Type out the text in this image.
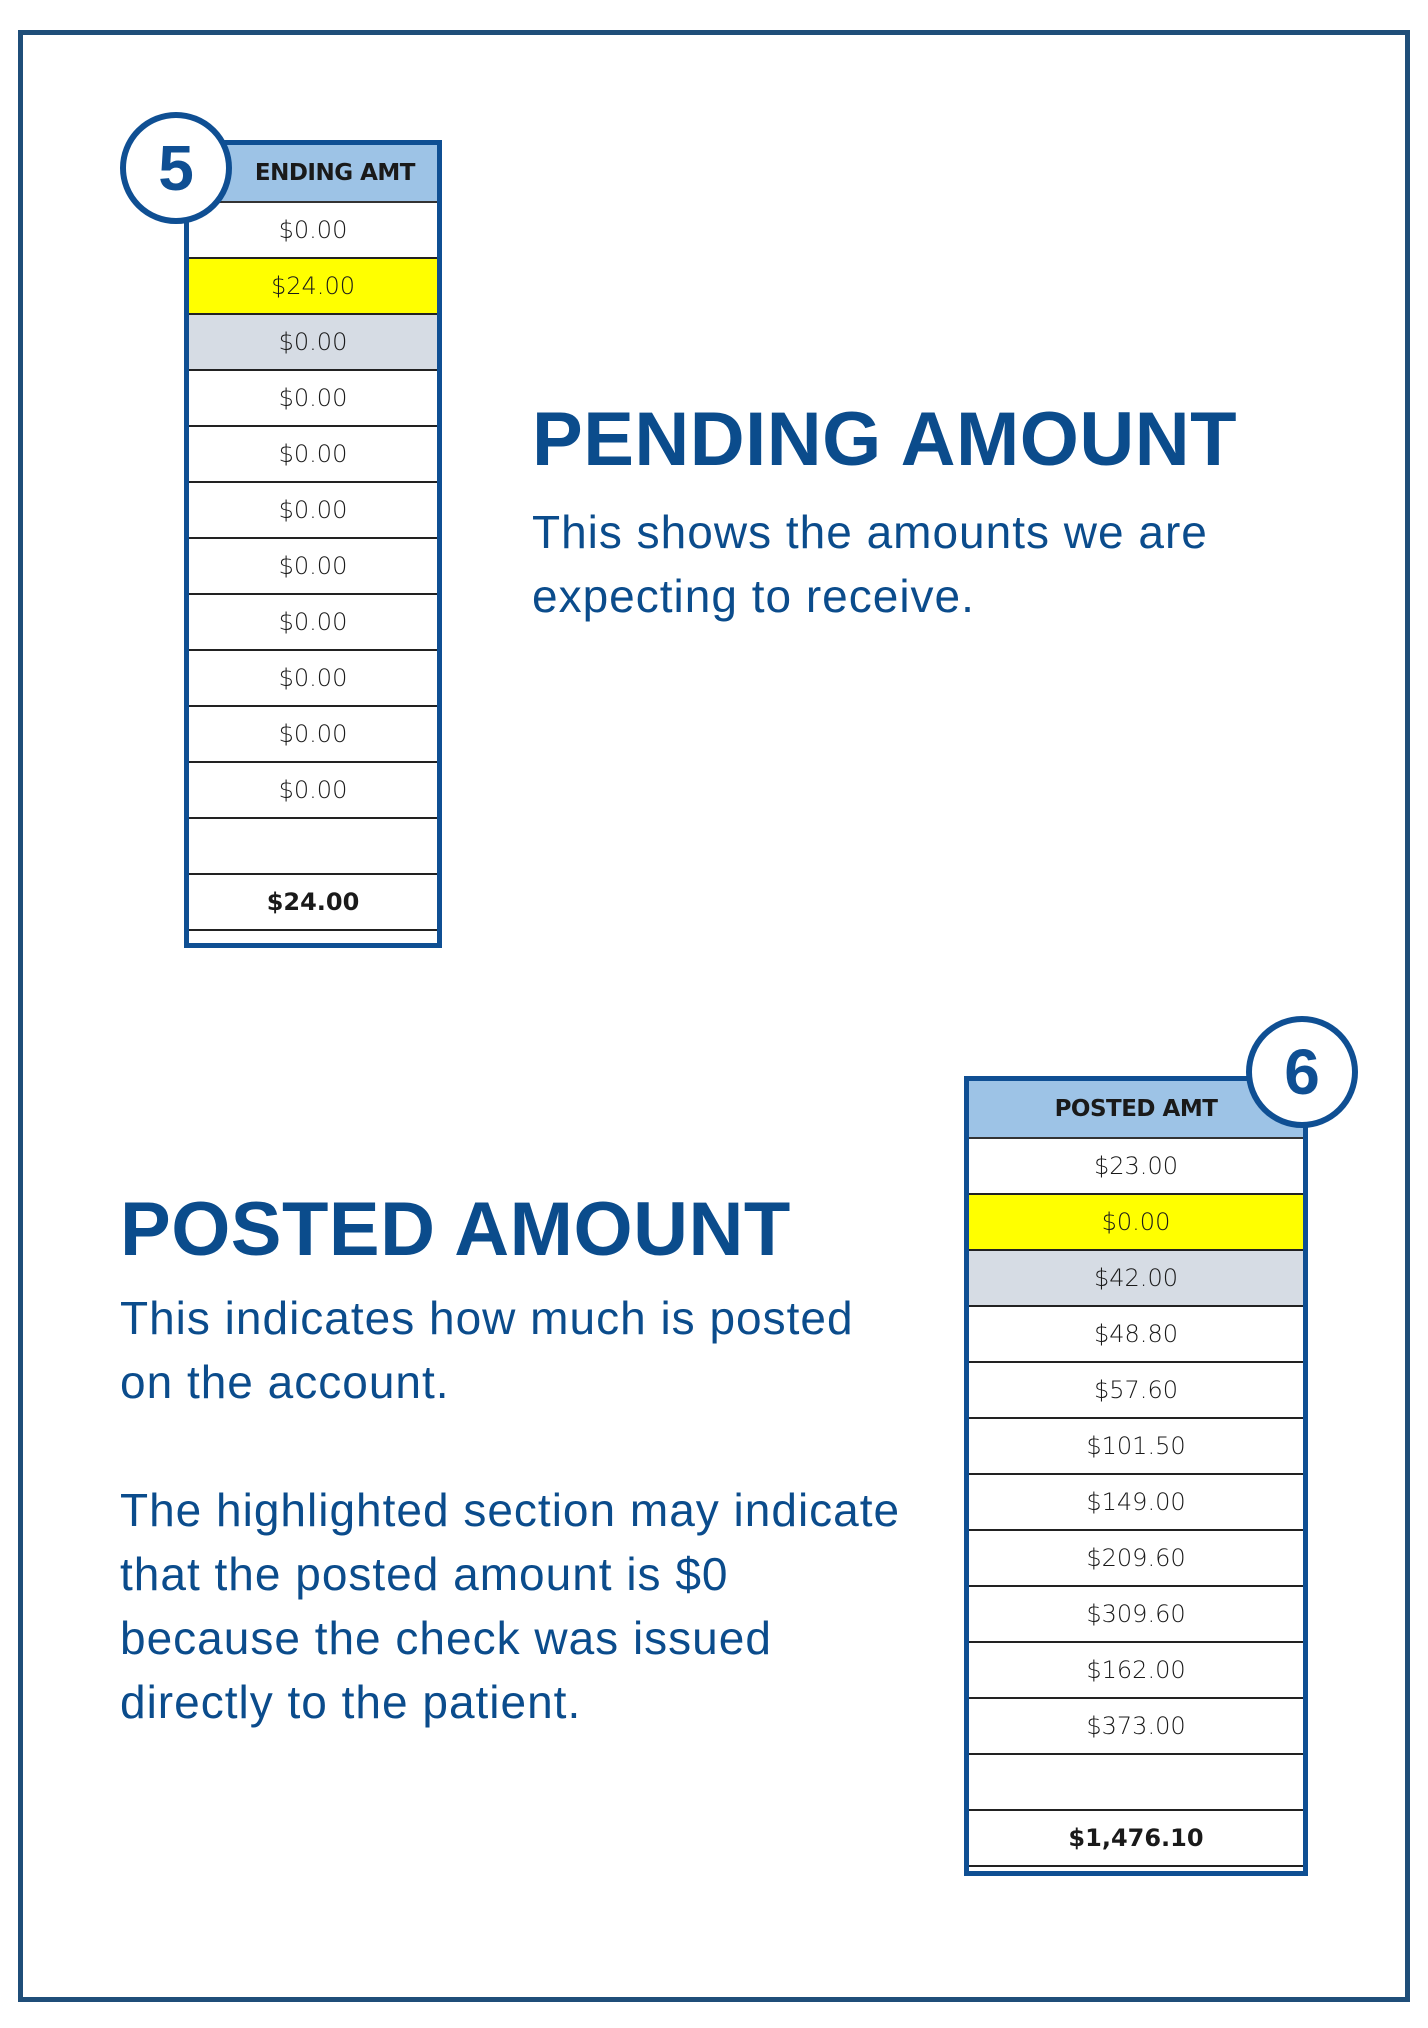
ENDING AMT
$0.00
$24.00
$0.00
$0.00
$0.00
$0.00
$0.00
$0.00
$0.00
$0.00
$0.00
$24.00
5
PENDING AMOUNT
This shows the amounts we are expecting to receive.
POSTED AMT
$23.00
$0.00
$42.00
$48.80
$57.60
$101.50
$149.00
$209.60
$309.60
$162.00
$373.00
$1,476.10
6
POSTED AMOUNT
This indicates how much is posted on the account.
The highlighted section may indicate that the posted amount is $0 because the check was issued directly to the patient.
